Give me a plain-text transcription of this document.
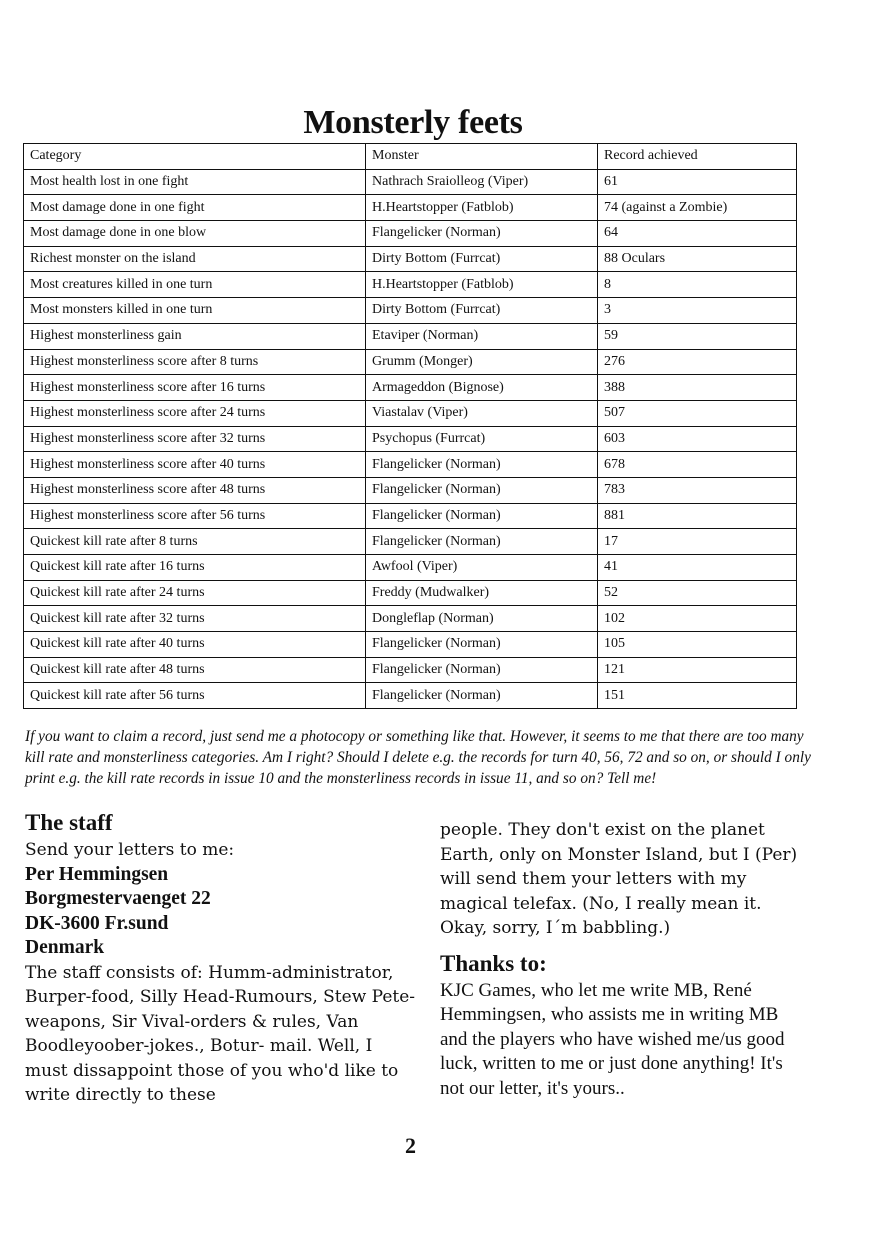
Monsterly feets
Category	Monster	Record achieved
Most health lost in one fight	Nathrach Sraiolleog (Viper)	61
Most damage done in one fight	H.Heartstopper (Fatblob)	74 (against a Zombie)
Most damage done in one blow	Flangelicker (Norman)	64
Richest monster on the island	Dirty Bottom (Furrcat)	88 Oculars
Most creatures killed in one turn	H.Heartstopper (Fatblob)	8
Most monsters killed in one turn	Dirty Bottom (Furrcat)	3
Highest monsterliness gain	Etaviper (Norman)	59
Highest monsterliness score after 8 turns	Grumm (Monger)	276
Highest monsterliness score after 16 turns	Armageddon (Bignose)	388
Highest monsterliness score after 24 turns	Viastalav (Viper)	507
Highest monsterliness score after 32 turns	Psychopus (Furrcat)	603
Highest monsterliness score after 40 turns	Flangelicker (Norman)	678
Highest monsterliness score after 48 turns	Flangelicker (Norman)	783
Highest monsterliness score after 56 turns	Flangelicker (Norman)	881
Quickest kill rate after 8 turns	Flangelicker (Norman)	17
Quickest kill rate after 16 turns	Awfool (Viper)	41
Quickest kill rate after 24 turns	Freddy (Mudwalker)	52
Quickest kill rate after 32 turns	Dongleflap (Norman)	102
Quickest kill rate after 40 turns	Flangelicker (Norman)	105
Quickest kill rate after 48 turns	Flangelicker (Norman)	121
Quickest kill rate after 56 turns	Flangelicker (Norman)	151
If you want to claim a record, just send me a photocopy or something like that. However, it seems to me that there are too many kill rate and monsterliness categories. Am I right? Should I delete e.g. the records for turn 40, 56, 72 and so on, or should I only print e.g. the kill rate records in issue 10 and the monsterliness records in issue 11, and so on? Tell me!
The staff
Send your letters to me:
Per Hemmingsen
Borgmestervaenget 22
DK-3600 Fr.sund
Denmark
The staff consists of: Humm-administrator, Burper-food, Silly Head-Rumours, Stew Pete-weapons, Sir Vival-orders & rules, Van Boodleyoober-jokes., Botur- mail. Well, I must dissappoint those of you who'd like to write directly to these
people. They don't exist on the planet Earth, only on Monster Island, but I (Per) will send them your letters with my magical telefax. (No, I really mean it. Okay, sorry, I´m babbling.)
Thanks to:
KJC Games, who let me write MB, René Hemmingsen, who assists me in writing MB and the players who have wished me/us good luck, written to me or just done anything! It's not our letter, it's yours..
2
